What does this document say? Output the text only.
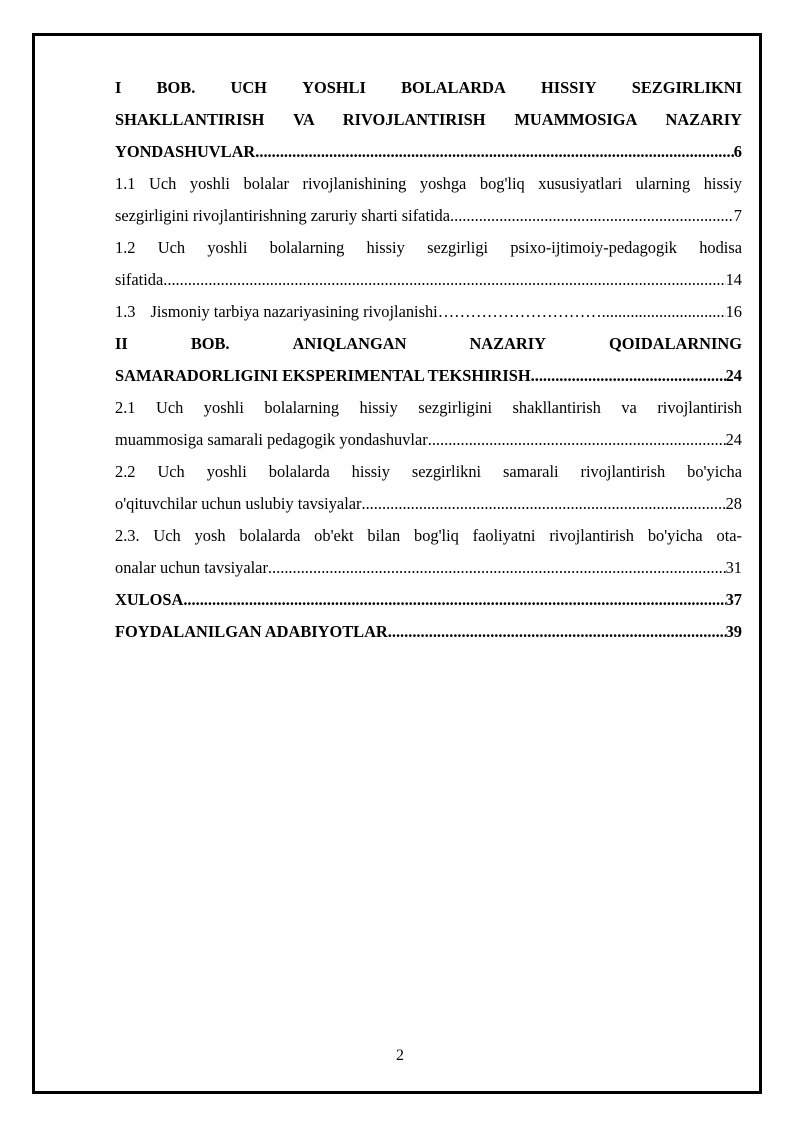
I BOB. UCH YOSHLI BOLALARDA HISSIY SEZGIRLIKNI
SHAKLLANTIRISH VA RIVOJLANTIRISH MUAMMOSIGA NAZARIY
YONDASHUVLAR .....	6
1.1 Uch yoshli bolalar rivojlanishining yoshga bog'liq xususiyatlari ularning hissiy
sezgirligini rivojlantirishning zaruriy sharti sifatida .....	7
1.2 Uch yoshli bolalarning hissiy sezgirligi psixo-ijtimoiy-pedagogik hodisa
sifatida .....	14
1.3 Jismoniy tarbiya nazariyasining rivojlanishi ………………………… .....	16
II	BOB.	ANIQLANGAN	NAZARIY	QOIDALARNING
SAMARADORLIGINI EKSPERIMENTAL TEKSHIRISH .....	24
2.1 Uch yoshli bolalarning hissiy sezgirligini shakllantirish va rivojlantirish
muammosiga samarali pedagogik yondashuvlar .....	24
2.2 Uch yoshli bolalarda hissiy sezgirlikni samarali rivojlantirish bo'yicha
o'qituvchilar uchun uslubiy tavsiyalar .....	28
2.3. Uch yosh bolalarda ob'ekt bilan bog'liq faoliyatni rivojlantirish bo'yicha ota-
onalar uchun tavsiyalar .....	31
XULOSA .....	37
FOYDALANILGAN ADABIYOTLAR .....	39
2
